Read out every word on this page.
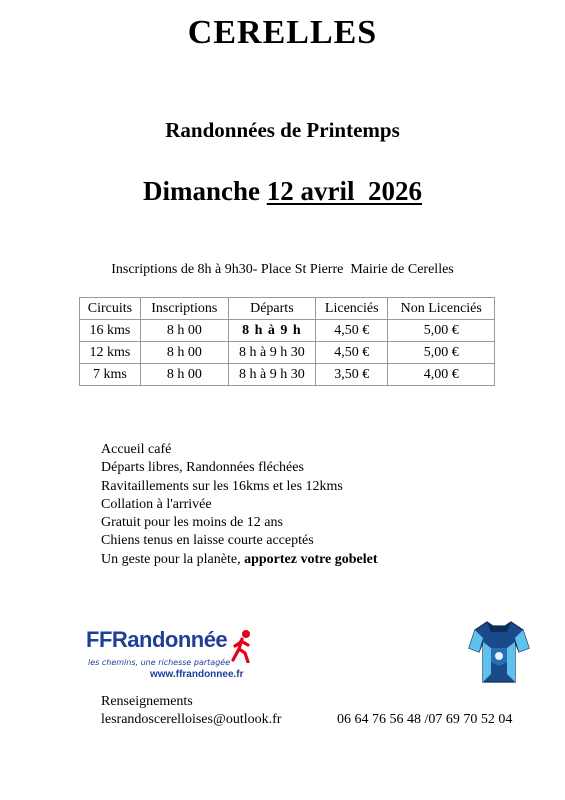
CERELLES
Randonnées de Printemps
Dimanche 12 avril  2026
Inscriptions de 8h à 9h30- Place St Pierre  Mairie de Cerelles
Circuits	Inscriptions	Départs	Licenciés	Non Licenciés
16 kms	8 h 00	8 h à 9 h	4,50 €	5,00 €
12 kms	8 h 00	8 h à 9 h 30	4,50 €	5,00 €
7 kms	8 h 00	8 h à 9 h 30	3,50 €	4,00 €
Accueil café
Départs libres, Randonnées fléchées
Ravitaillements sur les 16kms et les 12kms
Collation à l'arrivée
Gratuit pour les moins de 12 ans
Chiens tenus en laisse courte acceptés
Un geste pour la planète, apportez votre gobelet
FFRandonnée
les chemins, une richesse partagée
www.ffrandonnee.fr
Renseignements
lesrandoscerelloises@outlook.fr	06 64 76 56 48 /07 69 70 52 04
